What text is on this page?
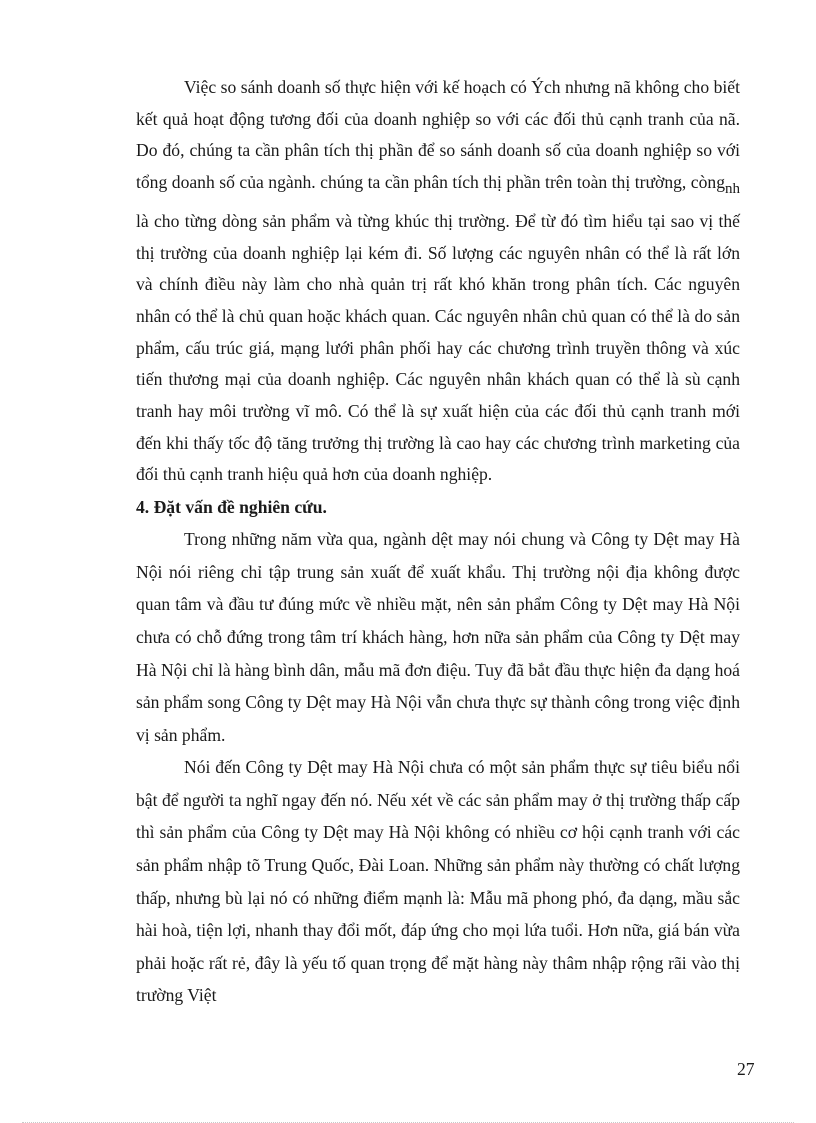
Việc so sánh doanh số thực hiện với kế hoạch có Ých nhưng nã không cho biết kết quả hoạt động tương đối của doanh nghiệp so với các đối thủ cạnh tranh của nã. Do đó, chúng ta cần phân tích thị phần để so sánh doanh số của doanh nghiệp so với tổng doanh số của ngành. chúng ta cần phân tích thị phần trên toàn thị trường, còngnh là cho từng dòng sản phẩm và từng khúc thị trường. Để từ đó tìm hiểu tại sao vị thế thị trường của doanh nghiệp lại kém đi. Số lượng các nguyên nhân có thể là rất lớn và chính điều này làm cho nhà quản trị rất khó khăn trong phân tích. Các nguyên nhân có thể là chủ quan hoặc khách quan. Các nguyên nhân chủ quan có thể là do sản phẩm, cấu trúc giá, mạng lưới phân phối hay các chương trình truyền thông và xúc tiến thương mại của doanh nghiệp. Các nguyên nhân khách quan có thể là sù cạnh tranh hay môi trường vĩ mô. Có thể là sự xuất hiện của các đối thủ cạnh tranh mới đến khi thấy tốc độ tăng trưởng thị trường là cao hay các chương trình marketing của đối thủ cạnh tranh hiệu quả hơn của doanh nghiệp.

4. Đặt vấn đề nghiên cứu.

Trong những năm vừa qua, ngành dệt may nói chung và Công ty Dệt may Hà Nội nói riêng chỉ tập trung sản xuất để xuất khẩu. Thị trường nội địa không được quan tâm và đầu tư đúng mức về nhiều mặt, nên sản phẩm Công ty Dệt may Hà Nội chưa có chỗ đứng trong tâm trí khách hàng, hơn nữa sản phẩm của Công ty Dệt may Hà Nội chỉ là hàng bình dân, mẫu mã đơn điệu. Tuy đã bắt đầu thực hiện đa dạng hoá sản phẩm song Công ty Dệt may Hà Nội vẫn chưa thực sự thành công trong việc định vị sản phẩm.

Nói đến Công ty Dệt may Hà Nội chưa có một sản phẩm thực sự tiêu biểu nổi bật để người ta nghĩ ngay đến nó. Nếu xét về các sản phẩm may ở thị trường thấp cấp thì sản phẩm của Công ty Dệt may Hà Nội không có nhiều cơ hội cạnh tranh với các sản phẩm nhập tõ Trung Quốc, Đài Loan. Những sản phẩm này thường có chất lượng thấp, nhưng bù lại nó có những điểm mạnh là: Mẫu mã phong phó, đa dạng, mầu sắc hài hoà, tiện lợi, nhanh thay đổi mốt, đáp ứng cho mọi lứa tuổi. Hơn nữa, giá bán vừa phải hoặc rất rẻ, đây là yếu tố quan trọng để mặt hàng này thâm nhập rộng rãi vào thị trường Việt

27
